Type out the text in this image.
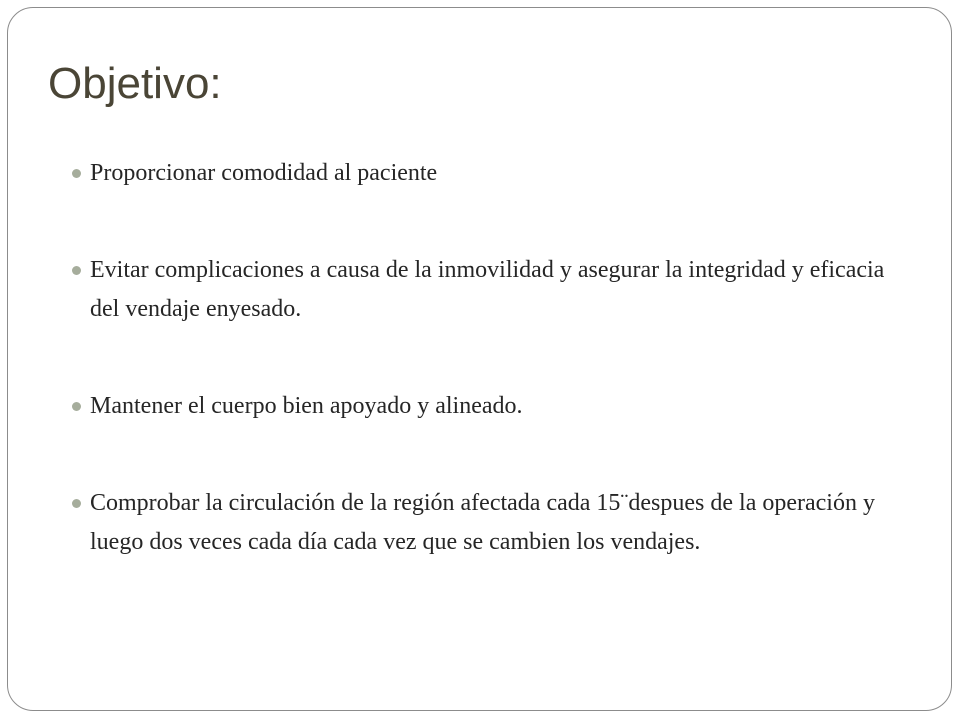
Objetivo:
Proporcionar comodidad al paciente
Evitar complicaciones a causa de la inmovilidad y asegurar la integridad y eficacia del vendaje enyesado.
Mantener el cuerpo bien apoyado y alineado.
Comprobar la circulación de la región afectada cada 15¨despues de la operación y luego dos veces cada día cada vez que se cambien los vendajes.
